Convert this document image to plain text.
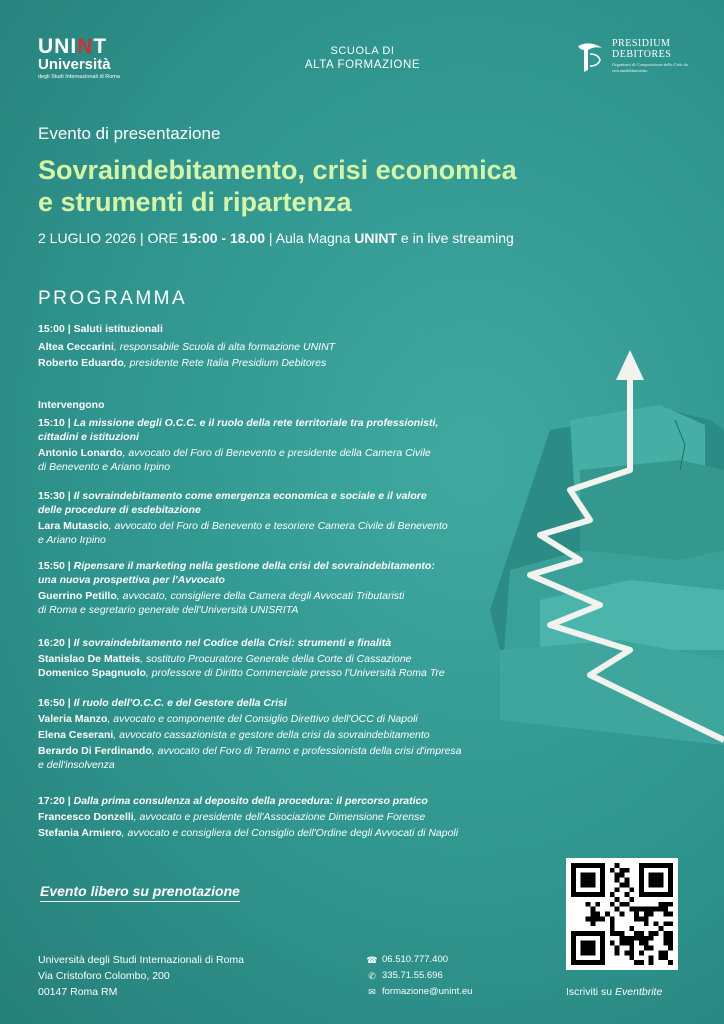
UNINT
Università
degli Studi Internazionali di Roma
SCUOLA DI
ALTA FORMAZIONE
PRESIDIUM
DEBITORES
Organismi di Composizione della Crisi da sovraindebitamento
Evento di presentazione
Sovraindebitamento, crisi economica
e strumenti di ripartenza
2 LUGLIO 2026 | ORE 15:00 - 18.00 | Aula Magna UNINT e in live streaming
PROGRAMMA
15:00 | Saluti istituzionali
Altea Ceccarini, responsabile Scuola di alta formazione UNINT
Roberto Eduardo, presidente Rete Italia Presidium Debitores
Intervengono
15:10 | La missione degli O.C.C. e il ruolo della rete territoriale tra professionisti,
cittadini e istituzioni
Antonio Lonardo, avvocato del Foro di Benevento e presidente della Camera Civile
di Benevento e Ariano Irpino
15:30 | Il sovraindebitamento come emergenza economica e sociale e il valore
delle procedure di esdebitazione
Lara Mutascio, avvocato del Foro di Benevento e tesoriere Camera Civile di Benevento
e Ariano Irpino
15:50 | Ripensare il marketing nella gestione della crisi del sovraindebitamento:
una nuova prospettiva per l'Avvocato
Guerrino Petillo, avvocato, consigliere della Camera degli Avvocati Tributaristi
di Roma e segretario generale dell'Università UNISRITA
16:20 | Il sovraindebitamento nel Codice della Crisi: strumenti e finalità
Stanislao De Matteis, sostituto Procuratore Generale della Corte di Cassazione
Domenico Spagnuolo, professore di Diritto Commerciale presso l'Università Roma Tre
16:50 | Il ruolo dell'O.C.C. e del Gestore della Crisi
Valeria Manzo, avvocato e componente del Consiglio Direttivo dell'OCC di Napoli
Elena Ceserani, avvocato cassazionista e gestore della crisi da sovraindebitamento
Berardo Di Ferdinando, avvocato del Foro di Teramo e professionista della crisi d'impresa
e dell'insolvenza
17:20 | Dalla prima consulenza al deposito della procedura: il percorso pratico
Francesco Donzelli, avvocato e presidente dell'Associazione Dimensione Forense
Stefania Armiero, avvocato e consigliera del Consiglio dell'Ordine degli Avvocati di Napoli
Evento libero su prenotazione
Iscriviti su Eventbrite
Università degli Studi Internazionali di Roma
Via Cristoforo Colombo, 200
00147 Roma RM
☎ 06.510.777.400
✆ 335.71.55.696
✉ formazione@unint.eu
